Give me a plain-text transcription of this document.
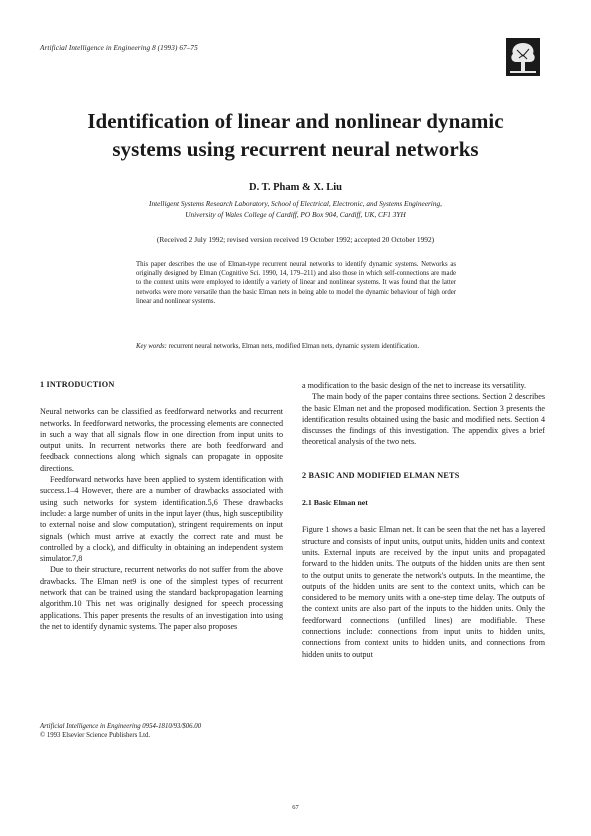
Artificial Intelligence in Engineering 8 (1993) 67–75
Identification of linear and nonlinear dynamic
systems using recurrent neural networks
D. T. Pham & X. Liu
Intelligent Systems Research Laboratory, School of Electrical, Electronic, and Systems Engineering,
University of Wales College of Cardiff, PO Box 904, Cardiff, UK, CF1 3YH
(Received 2 July 1992; revised version received 19 October 1992; accepted 20 October 1992)
This paper describes the use of Elman-type recurrent neural networks to identify dynamic systems. Networks as originally designed by Elman (Cognitive Sci. 1990, 14, 179–211) and also those in which self-connections are made to the context units were employed to identify a variety of linear and nonlinear systems. It was found that the latter networks were more versatile than the basic Elman nets in being able to model the dynamic behaviour of high order linear and nonlinear systems.
Key words: recurrent neural networks, Elman nets, modified Elman nets, dynamic system identification.
1 INTRODUCTION

Neural networks can be classified as feedforward networks and recurrent networks. In feedforward networks, the processing elements are connected in such a way that all signals flow in one direction from input units to output units. In recurrent networks there are both feedforward and feedback connections along which signals can propagate in opposite directions.

Feedforward networks have been applied to system identification with success.1–4 However, there are a number of drawbacks associated with using such networks for system identification.5,6 These drawbacks include: a large number of units in the input layer (thus, high susceptibility to external noise and slow computation), stringent requirements on input signals (which must arrive at exactly the correct rate and must be controlled by a clock), and difficulty in obtaining an independent system simulator.7,8

Due to their structure, recurrent networks do not suffer from the above drawbacks. The Elman net9 is one of the simplest types of recurrent network that can be trained using the standard backpropagation learning algorithm.10 This net was originally designed for speech processing applications. This paper presents the results of an investigation into using the net to identify dynamic systems. The paper also proposes

a modification to the basic design of the net to increase its versatility.

The main body of the paper contains three sections. Section 2 describes the basic Elman net and the proposed modification. Section 3 presents the identification results obtained using the basic and modified nets. Section 4 discusses the findings of this investigation. The appendix gives a brief theoretical analysis of the two nets.

2 BASIC AND MODIFIED ELMAN NETS
2.1 Basic Elman net

Figure 1 shows a basic Elman net. It can be seen that the net has a layered structure and consists of input units, output units, hidden units and context units. External inputs are received by the input units and propagated forward to the hidden units. The outputs of the hidden units are then sent to the output units to generate the network's outputs. In the meantime, the outputs of the hidden units are sent to the context units, which can be considered to be memory units with a one-step time delay. The outputs of the context units are also part of the inputs to the hidden units. Only the feedforward connections (unfilled lines) are modifiable. These connections include: connections from input units to hidden units, connections from context units to hidden units, and connections from hidden units to output

Artificial Intelligence in Engineering 0954-1810/93/$06.00
© 1993 Elsevier Science Publishers Ltd.
67
